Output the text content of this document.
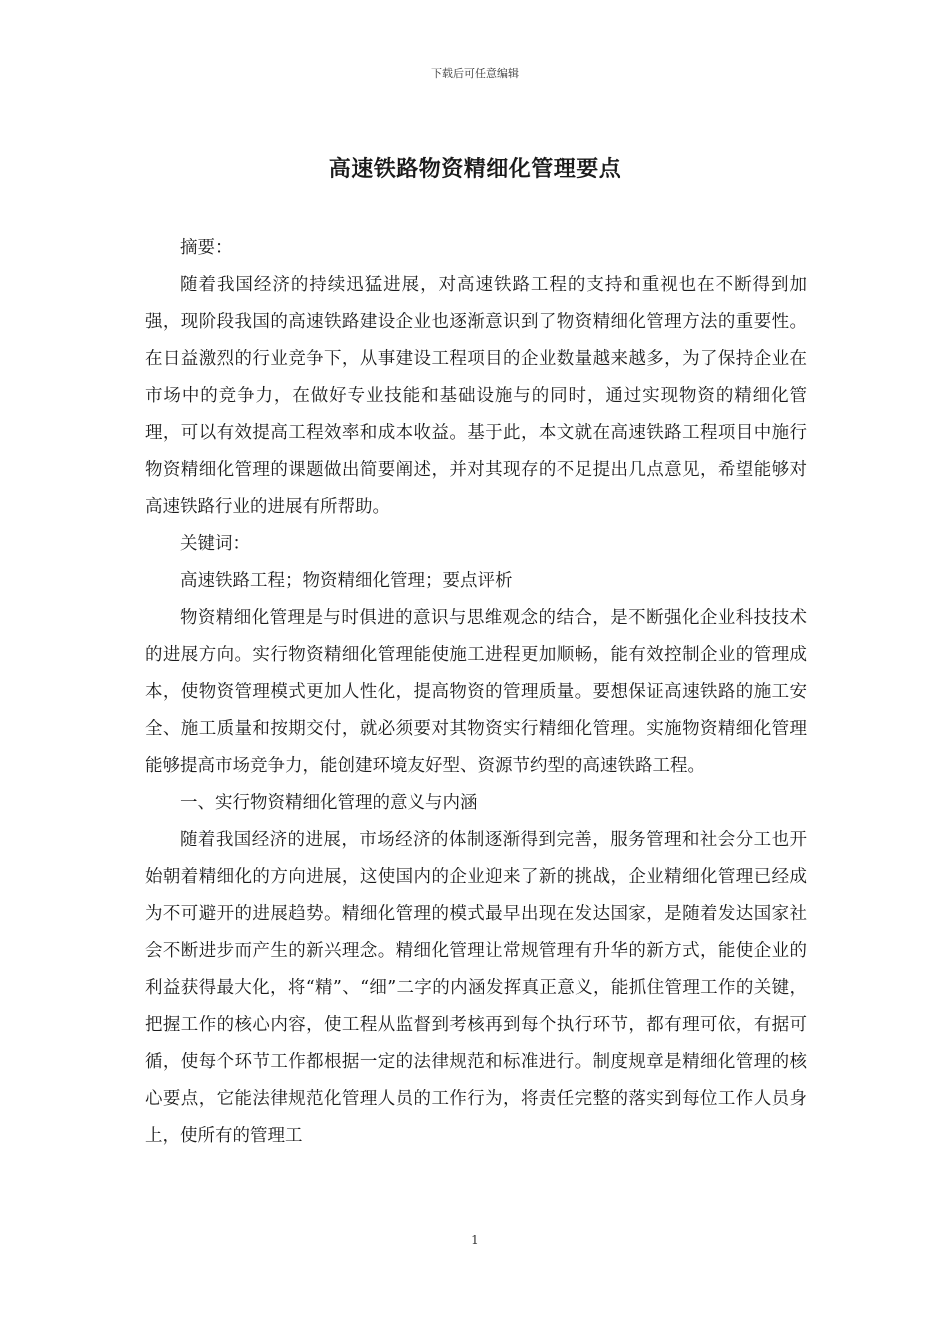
下载后可任意编辑
高速铁路物资精细化管理要点

摘要：

随着我国经济的持续迅猛进展，对高速铁路工程的支持和重视也在不断得到加强，现阶段我国的高速铁路建设企业也逐渐意识到了物资精细化管理方法的重要性。在日益激烈的行业竞争下，从事建设工程项目的企业数量越来越多，为了保持企业在市场中的竞争力，在做好专业技能和基础设施与的同时，通过实现物资的精细化管理，可以有效提高工程效率和成本收益。基于此，本文就在高速铁路工程项目中施行物资精细化管理的课题做出简要阐述，并对其现存的不足提出几点意见，希望能够对高速铁路行业的进展有所帮助。

关键词：

高速铁路工程；物资精细化管理；要点评析

物资精细化管理是与时俱进的意识与思维观念的结合，是不断强化企业科技技术的进展方向。实行物资精细化管理能使施工进程更加顺畅，能有效控制企业的管理成本，使物资管理模式更加人性化，提高物资的管理质量。要想保证高速铁路的施工安全、施工质量和按期交付，就必须要对其物资实行精细化管理。实施物资精细化管理能够提高市场竞争力，能创建环境友好型、资源节约型的高速铁路工程。

一、实行物资精细化管理的意义与内涵

随着我国经济的进展，市场经济的体制逐渐得到完善，服务管理和社会分工也开始朝着精细化的方向进展，这使国内的企业迎来了新的挑战，企业精细化管理已经成为不可避开的进展趋势。精细化管理的模式最早出现在发达国家，是随着发达国家社会不断进步而产生的新兴理念。精细化管理让常规管理有升华的新方式，能使企业的利益获得最大化，将“精”、“细”二字的内涵发挥真正意义，能抓住管理工作的关键，把握工作的核心内容，使工程从监督到考核再到每个执行环节，都有理可依，有据可循，使每个环节工作都根据一定的法律规范和标准进行。制度规章是精细化管理的核心要点，它能法律规范化管理人员的工作行为，将责任完整的落实到每位工作人员身上，使所有的管理工

1
